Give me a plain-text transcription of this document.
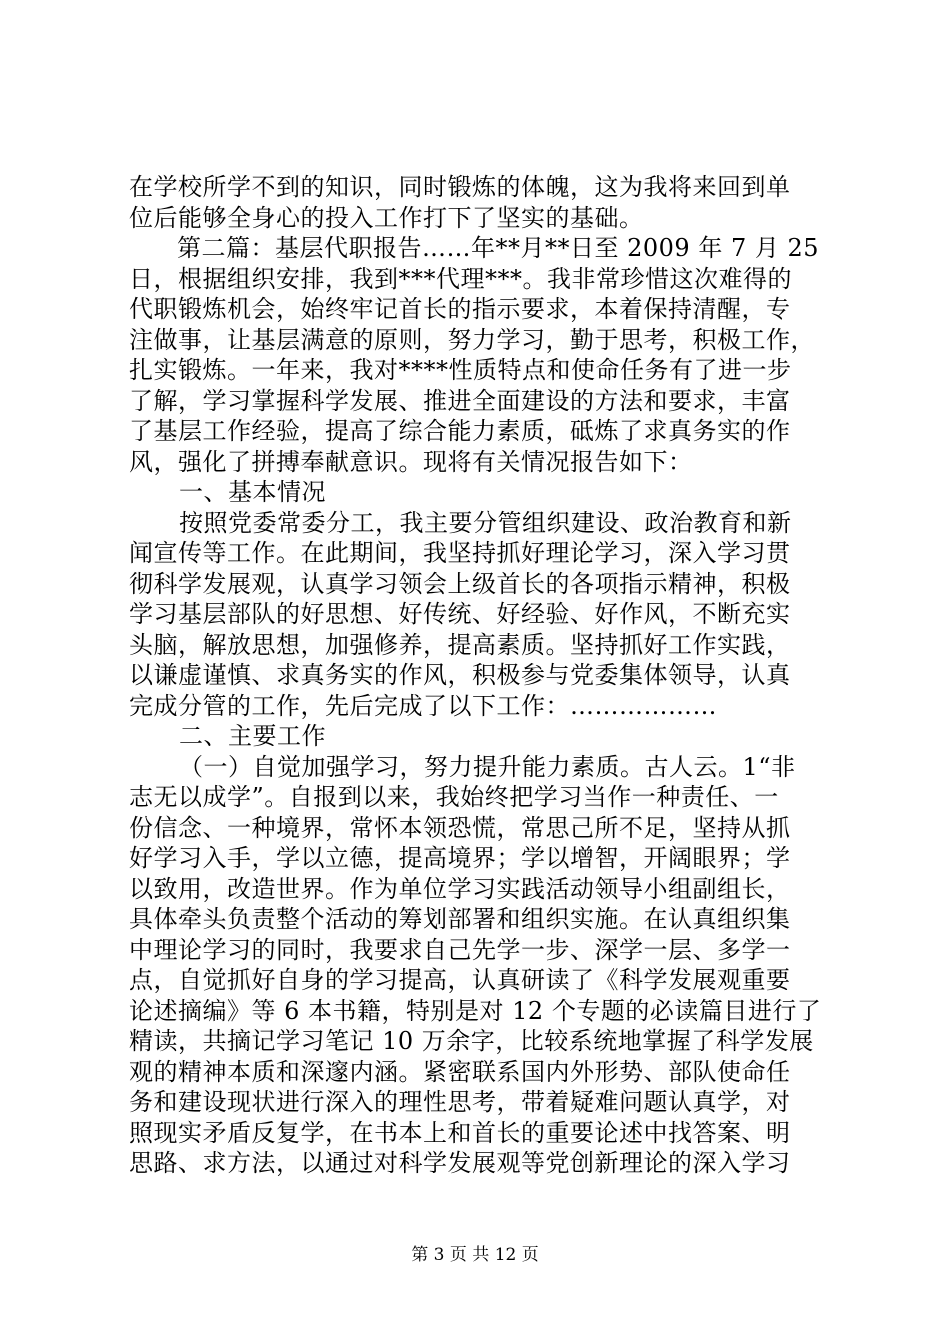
在学校所学不到的知识，同时锻炼的体魄，这为我将来回到单
位后能够全身心的投入工作打下了坚实的基础。
第二篇：基层代职报告……年**月**日至 2009 年 7 月 25
日，根据组织安排，我到***代理***。我非常珍惜这次难得的
代职锻炼机会，始终牢记首长的指示要求，本着保持清醒，专
注做事，让基层满意的原则，努力学习，勤于思考，积极工作，
扎实锻炼。一年来，我对****性质特点和使命任务有了进一步
了解，学习掌握科学发展、推进全面建设的方法和要求，丰富
了基层工作经验，提高了综合能力素质，砥炼了求真务实的作
风，强化了拼搏奉献意识。现将有关情况报告如下：
一、基本情况
按照党委常委分工，我主要分管组织建设、政治教育和新
闻宣传等工作。在此期间，我坚持抓好理论学习，深入学习贯
彻科学发展观，认真学习领会上级首长的各项指示精神，积极
学习基层部队的好思想、好传统、好经验、好作风，不断充实
头脑，解放思想，加强修养，提高素质。坚持抓好工作实践，
以谦虚谨慎、求真务实的作风，积极参与党委集体领导，认真
完成分管的工作，先后完成了以下工作：………………
二、主要工作
（一）自觉加强学习，努力提升能力素质。古人云。1“非
志无以成学”。自报到以来，我始终把学习当作一种责任、一
份信念、一种境界，常怀本领恐慌，常思己所不足，坚持从抓
好学习入手，学以立德，提高境界；学以增智，开阔眼界；学
以致用，改造世界。作为单位学习实践活动领导小组副组长，
具体牵头负责整个活动的筹划部署和组织实施。在认真组织集
中理论学习的同时，我要求自己先学一步、深学一层、多学一
点，自觉抓好自身的学习提高，认真研读了《科学发展观重要
论述摘编》等 6 本书籍，特别是对 12 个专题的必读篇目进行了
精读，共摘记学习笔记 10 万余字，比较系统地掌握了科学发展
观的精神本质和深邃内涵。紧密联系国内外形势、部队使命任
务和建设现状进行深入的理性思考，带着疑难问题认真学，对
照现实矛盾反复学，在书本上和首长的重要论述中找答案、明
思路、求方法，以通过对科学发展观等党创新理论的深入学习
第 3 页 共 12 页
